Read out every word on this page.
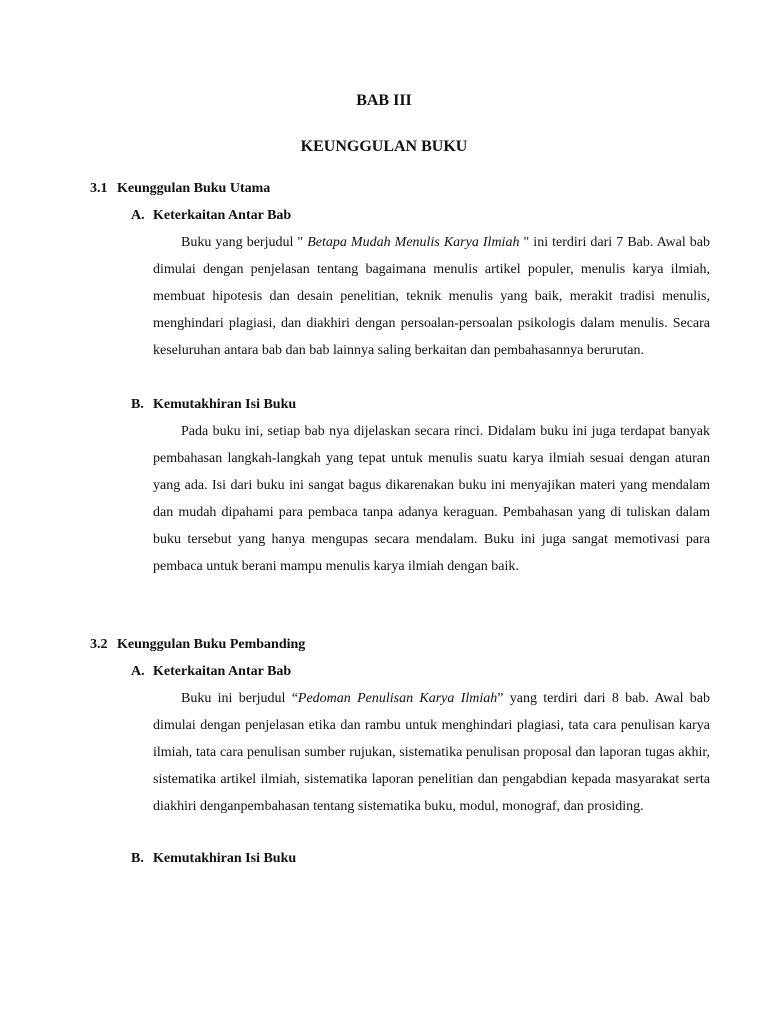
BAB III
KEUNGGULAN BUKU
3.1 Keunggulan Buku Utama
A. Keterkaitan Antar Bab

Buku yang berjudul " Betapa Mudah Menulis Karya Ilmiah " ini terdiri dari 7 Bab. Awal bab dimulai dengan penjelasan tentang bagaimana menulis artikel populer, menulis karya ilmiah, membuat hipotesis dan desain penelitian, teknik menulis yang baik, merakit tradisi menulis, menghindari plagiasi, dan diakhiri dengan persoalan-persoalan psikologis dalam menulis. Secara keseluruhan antara bab dan bab lainnya saling berkaitan dan pembahasannya berurutan.

B. Kemutakhiran Isi Buku

Pada buku ini, setiap bab nya dijelaskan secara rinci. Didalam buku ini juga terdapat banyak pembahasan langkah-langkah yang tepat untuk menulis suatu karya ilmiah sesuai dengan aturan yang ada. Isi dari buku ini sangat bagus dikarenakan buku ini menyajikan materi yang mendalam dan mudah dipahami para pembaca tanpa adanya keraguan. Pembahasan yang di tuliskan dalam buku tersebut yang hanya mengupas secara mendalam. Buku ini juga sangat memotivasi para pembaca untuk berani mampu menulis karya ilmiah dengan baik.

3.2 Keunggulan Buku Pembanding
A. Keterkaitan Antar Bab

Buku ini berjudul “Pedoman Penulisan Karya Ilmiah” yang terdiri dari 8 bab. Awal bab dimulai dengan penjelasan etika dan rambu untuk menghindari plagiasi, tata cara penulisan karya ilmiah, tata cara penulisan sumber rujukan, sistematika penulisan proposal dan laporan tugas akhir, sistematika artikel ilmiah, sistematika laporan penelitian dan pengabdian kepada masyarakat serta diakhiri denganpembahasan tentang sistematika buku, modul, monograf, dan prosiding.

B. Kemutakhiran Isi Buku
